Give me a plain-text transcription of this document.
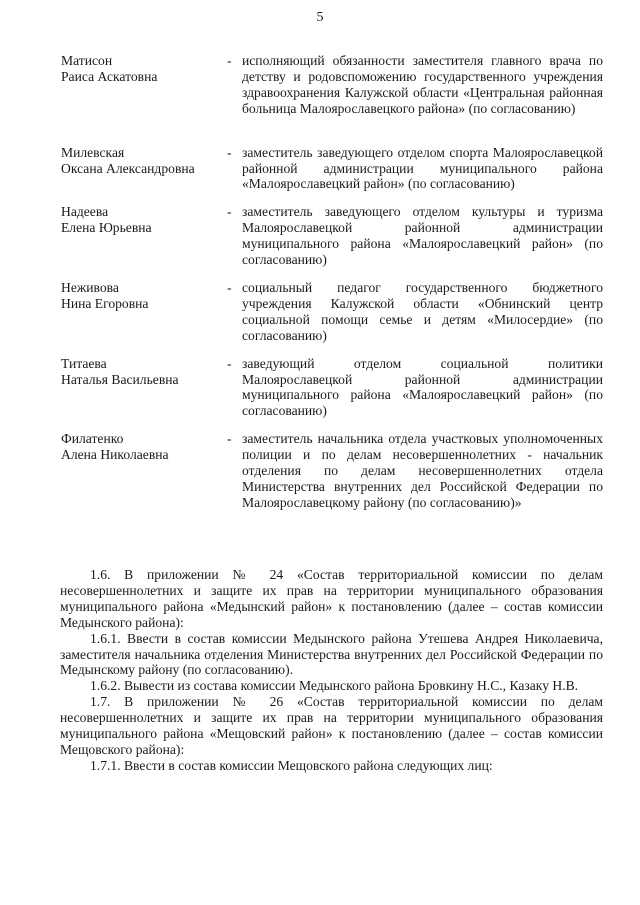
5
Матисон
Раиса Аскатовна
- исполняющий обязанности заместителя главного врача по детству и родовспоможению государственного учреждения здравоохранения Калужской области «Центральная районная больница Малоярославецкого района» (по согласованию)
Милевская
Оксана Александровна
- заместитель заведующего отделом спорта Малоярославецкой районной администрации муниципального района «Малоярославецкий район» (по согласованию)
Надеева
Елена Юрьевна
- заместитель заведующего отделом культуры и туризма Малоярославецкой районной администрации муниципального района «Малоярославецкий район» (по согласованию)
Неживова
Нина Егоровна
- социальный педагог государственного бюджетного учреждения Калужской области «Обнинский центр социальной помощи семье и детям «Милосердие» (по согласованию)
Титаева
Наталья Васильевна
- заведующий отделом социальной политики Малоярославецкой районной администрации муниципального района «Малоярославецкий район» (по согласованию)
Филатенко
Алена Николаевна
- заместитель начальника отдела участковых уполномоченных полиции и по делам несовершеннолетних - начальник отделения по делам несовершеннолетних отдела Министерства внутренних дел Российской Федерации по Малоярославецкому району (по согласованию)»

1.6. В приложении № 24 «Состав территориальной комиссии по делам несовершеннолетних и защите их прав на территории муниципального образования муниципального района «Медынский район» к постановлению (далее – состав комиссии Медынского района):

1.6.1. Ввести в состав комиссии Медынского района Утешева Андрея Николаевича, заместителя начальника отделения Министерства внутренних дел Российской Федерации по Медынскому району (по согласованию).

1.6.2. Вывести из состава комиссии Медынского района Бровкину Н.С., Казаку Н.В.

1.7. В приложении № 26 «Состав территориальной комиссии по делам несовершеннолетних и защите их прав на территории муниципального образования муниципального района «Мещовский район» к постановлению (далее – состав комиссии Мещовского района):

1.7.1. Ввести в состав комиссии Мещовского района следующих лиц:
